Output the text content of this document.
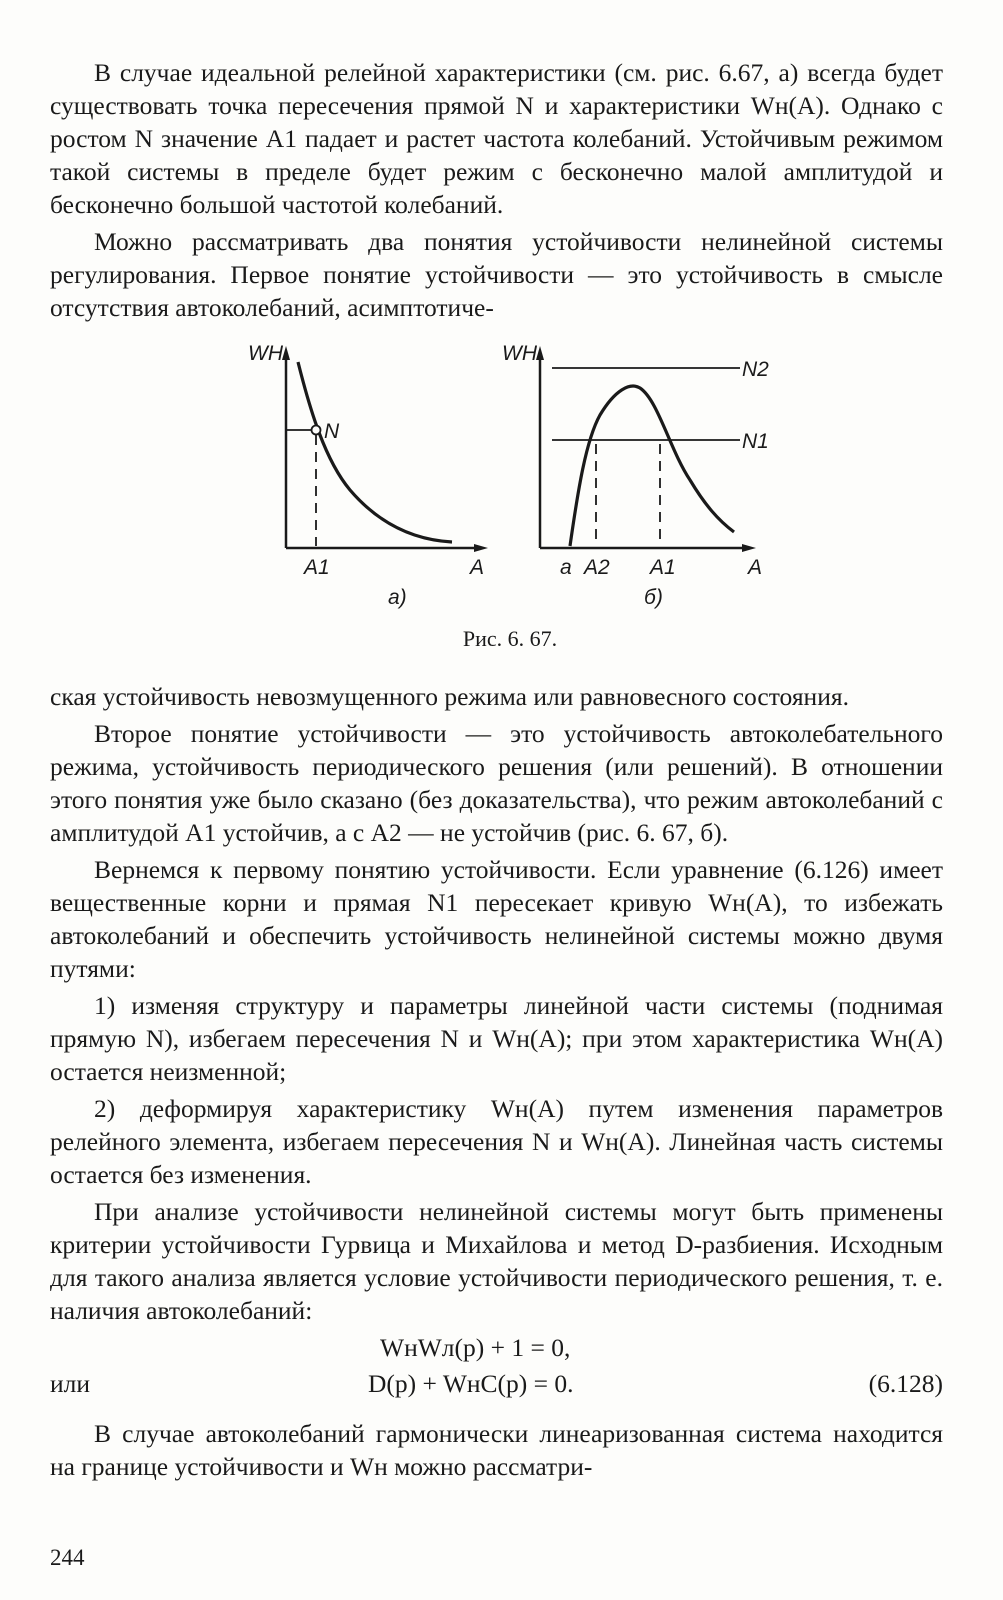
В случае идеальной релейной характеристики (см. рис. 6.67, а) всегда будет существовать точка пересечения прямой N и характеристики Wн(A). Однако с ростом N значение A1 падает и растет частота колебаний. Устойчивым режимом такой системы в пределе будет режим с бесконечно малой амплитудой и бесконечно большой частотой колебаний.

Можно рассматривать два понятия устойчивости нелинейной системы регулирования. Первое понятие устойчивости — это устойчивость в смысле отсутствия автоколебаний, асимптотиче-

WH
N
A1	A
а)
WH
N2
N1
a A2 A1	A
б)
Рис. 6. 67.

ская устойчивость невозмущенного режима или равновесного состояния.

Второе понятие устойчивости — это устойчивость автоколебательного режима, устойчивость периодического решения (или решений). В отношении этого понятия уже было сказано (без доказательства), что режим автоколебаний с амплитудой A1 устойчив, а с A2 — не устойчив (рис. 6. 67, б).

Вернемся к первому понятию устойчивости. Если уравнение (6.126) имеет вещественные корни и прямая N1 пересекает кривую Wн(A), то избежать автоколебаний и обеспечить устойчивость нелинейной системы можно двумя путями:

1) изменяя структуру и параметры линейной части системы (поднимая прямую N), избегаем пересечения N и Wн(A); при этом характеристика Wн(A) остается неизменной;

2) деформируя характеристику Wн(A) путем изменения параметров релейного элемента, избегаем пересечения N и Wн(A). Линейная часть системы остается без изменения.

При анализе устойчивости нелинейной системы могут быть применены критерии устойчивости Гурвица и Михайлова и метод D-разбиения. Исходным для такого анализа является условие устойчивости периодического решения, т. е. наличия автоколебаний:

WнWл(p) + 1 = 0,
или	D(p) + WнC(p) = 0.	(6.128)

В случае автоколебаний гармонически линеаризованная система находится на границе устойчивости и Wн можно рассматри-

244
